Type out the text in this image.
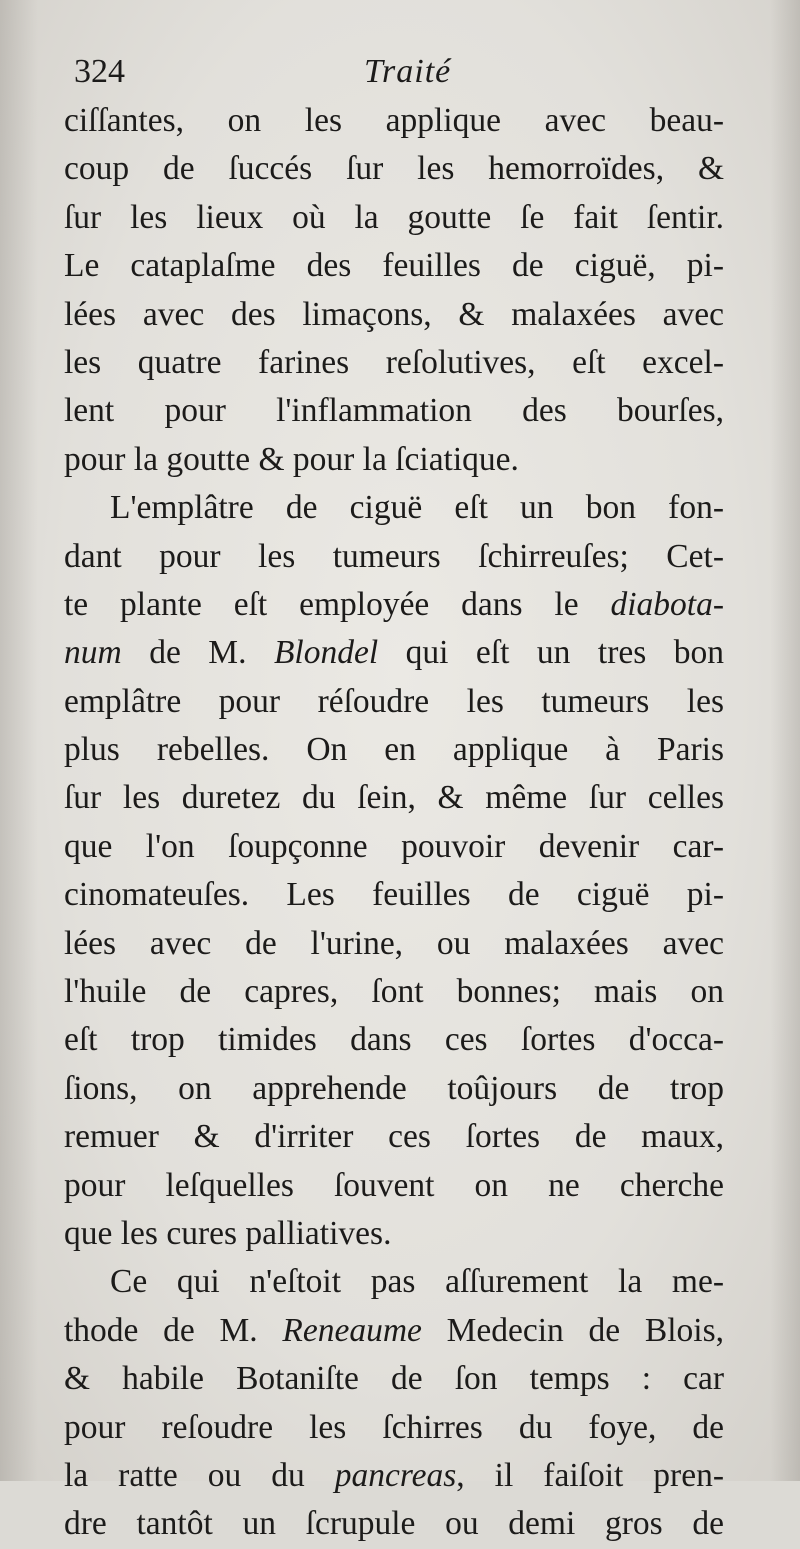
324	Traité
ciſſantes, on les applique avec beau-
coup de ſuccés ſur les hemorroïdes, &
ſur les lieux où la goutte ſe fait ſentir.
Le cataplaſme des feuilles de ciguë, pi-
lées avec des limaçons, & malaxées avec
les quatre farines reſolutives, eſt excel-
lent pour l'inflammation des bourſes,
pour la goutte & pour la ſciatique.
L'emplâtre de ciguë eſt un bon fon-
dant pour les tumeurs ſchirreuſes; Cet-
te plante eſt employée dans le diabota-
num de M. Blondel qui eſt un tres bon
emplâtre pour réſoudre les tumeurs les
plus rebelles. On en applique à Paris
ſur les duretez du ſein, & même ſur celles
que l'on ſoupçonne pouvoir devenir car-
cinomateuſes. Les feuilles de ciguë pi-
lées avec de l'urine, ou malaxées avec
l'huile de capres, ſont bonnes; mais on
eſt trop timides dans ces ſortes d'occa-
ſions, on apprehende toûjours de trop
remuer & d'irriter ces ſortes de maux,
pour leſquelles ſouvent on ne cherche
que les cures palliatives.
Ce qui n'eſtoit pas aſſurement la me-
thode de M. Reneaume Medecin de Blois,
& habile Botaniſte de ſon temps : car
pour reſoudre les ſchirres du foye, de
la ratte ou du pancreas, il faiſoit pren-
dre tantôt un ſcrupule ou demi gros de
